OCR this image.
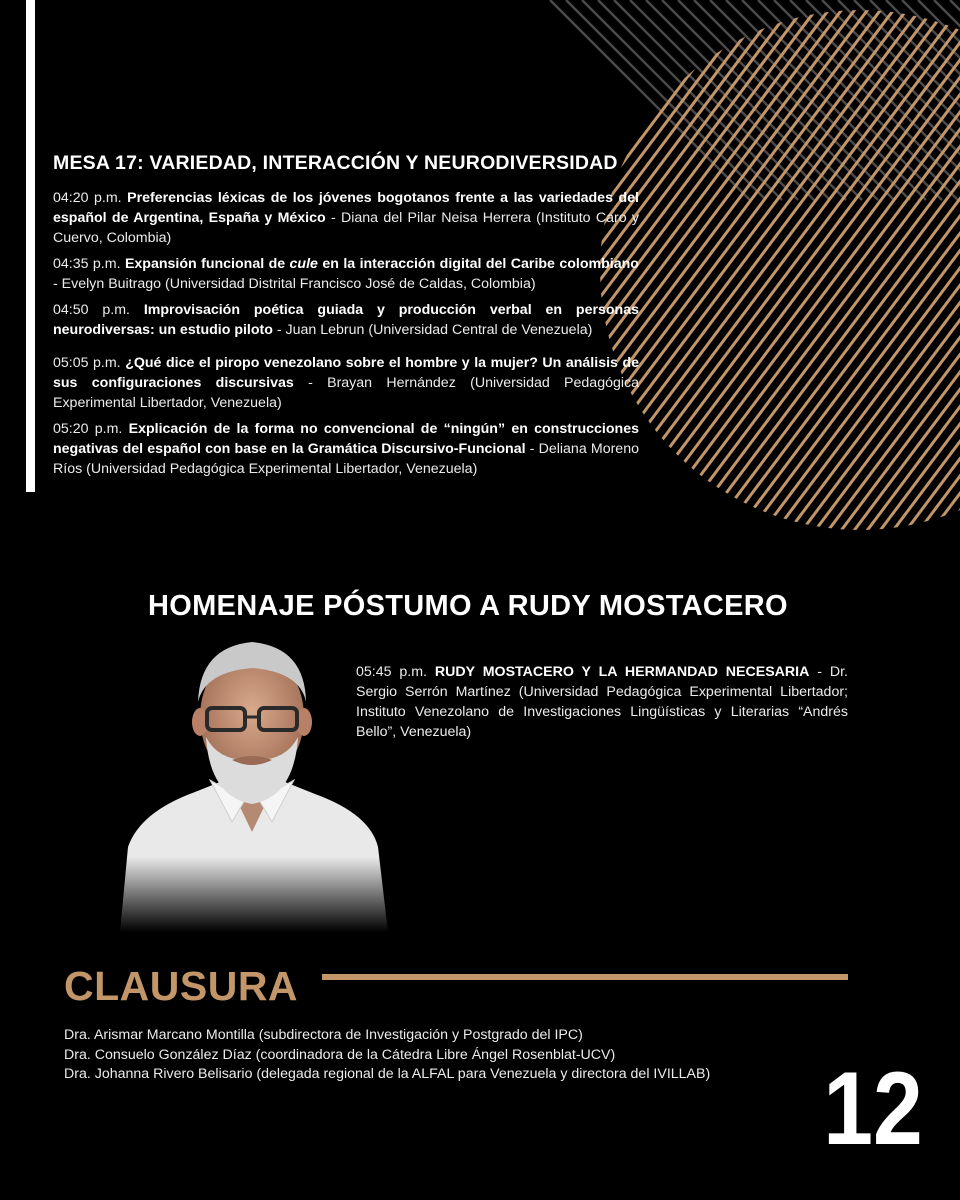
MESA 17: VARIEDAD, INTERACCIÓN Y NEURODIVERSIDAD

04:20 p.m. Preferencias léxicas de los jóvenes bogotanos frente a las variedades del español de Argentina, España y México - Diana del Pilar Neisa Herrera (Instituto Caro y Cuervo, Colombia)

04:35 p.m. Expansión funcional de cule en la interacción digital del Caribe colombiano - Evelyn Buitrago (Universidad Distrital Francisco José de Caldas, Colombia)

04:50 p.m. Improvisación poética guiada y producción verbal en personas neurodiversas: un estudio piloto - Juan Lebrun (Universidad Central de Venezuela)

05:05 p.m. ¿Qué dice el piropo venezolano sobre el hombre y la mujer? Un análisis de sus configuraciones discursivas - Brayan Hernández (Universidad Pedagógica Experimental Libertador, Venezuela)

05:20 p.m. Explicación de la forma no convencional de “ningún” en construcciones negativas del español con base en la Gramática Discursivo-Funcional - Deliana Moreno Ríos (Universidad Pedagógica Experimental Libertador, Venezuela)

HOMENAJE PÓSTUMO A RUDY MOSTACERO

05:45 p.m. RUDY MOSTACERO Y LA HERMANDAD NECESARIA - Dr. Sergio Serrón Martínez (Universidad Pedagógica Experimental Libertador; Instituto Venezolano de Investigaciones Lingüísticas y Literarias “Andrés Bello”, Venezuela)

CLAUSURA
Dra. Arismar Marcano Montilla (subdirectora de Investigación y Postgrado del IPC)
Dra. Consuelo González Díaz (coordinadora de la Cátedra Libre Ángel Rosenblat-UCV)
Dra. Johanna Rivero Belisario (delegada regional de la ALFAL para Venezuela y directora del IVILLAB)	12
